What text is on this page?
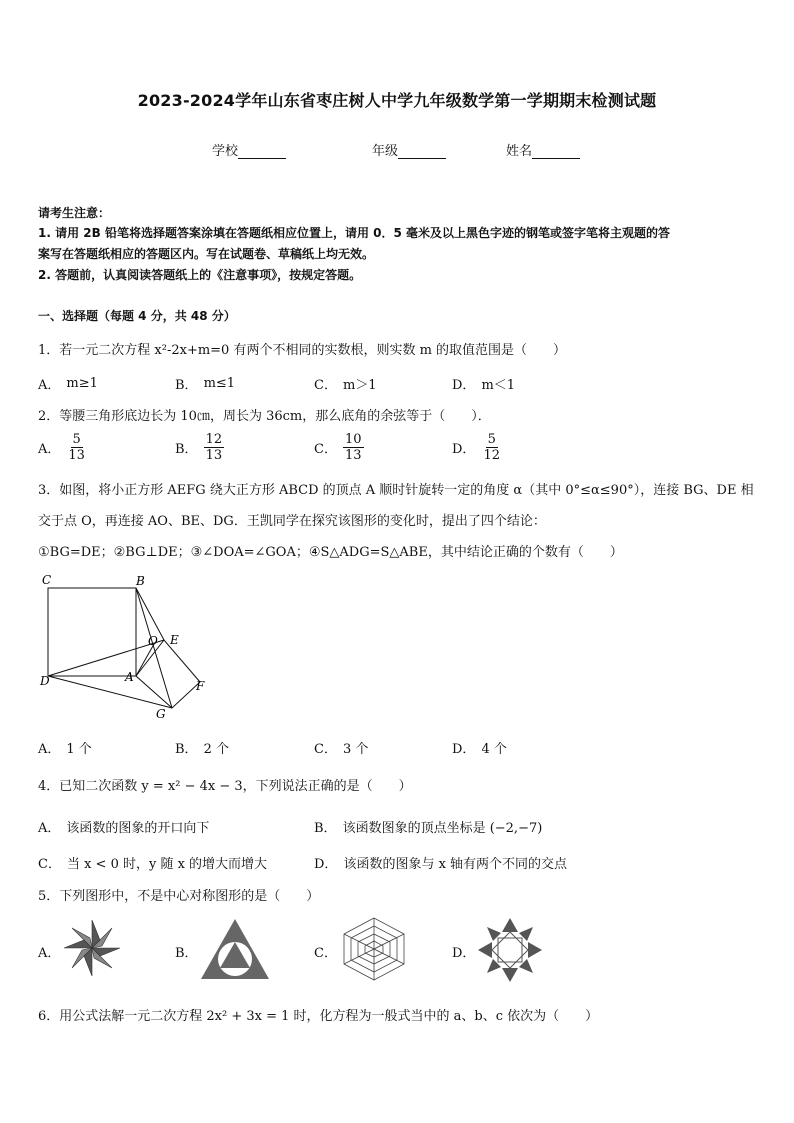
2023-2024学年山东省枣庄树人中学九年级数学第一学期期末检测试题
学校	年级	姓名
请考生注意：
1. 请用 2B 铅笔将选择题答案涂填在答题纸相应位置上，请用 0．5 毫米及以上黑色字迹的钢笔或签字笔将主观题的答
案写在答题纸相应的答题区内。写在试题卷、草稿纸上均无效。
2. 答题前，认真阅读答题纸上的《注意事项》，按规定答题。
一、选择题（每题 4 分，共 48 分）
1．若一元二次方程 x²-2x+m=0 有两个不相同的实数根，则实数 m 的取值范围是（　　）
A． m≥1	B． m≤1	C． m＞1	D． m＜1
2．等腰三角形底边长为 10㎝，周长为 36cm，那么底角的余弦等于（　　）．
A． $\frac{5}{13}$	B． $\frac{12}{13}$	C． $\frac{10}{13}$	D． $\frac{5}{12}$
3．如图，将小正方形 AEFG 绕大正方形 ABCD 的顶点 A 顺时针旋转一定的角度 α（其中 0°≤α≤90°），连接 BG、DE 相
交于点 O，再连接 AO、BE、DG．王凯同学在探究该图形的变化时，提出了四个结论：
①BG=DE；②BG⊥DE；③∠DOA=∠GOA；④S△ADG=S△ABE，其中结论正确的个数有（　　）
C	B
O E
D	A
F
G
A． 1 个	B． 2 个	C． 3 个	D． 4 个
4．已知二次函数 y = x² − 4x − 3，下列说法正确的是（　　）
A． 该函数的图象的开口向下	B． 该函数图象的顶点坐标是 (−2,−7)
C． 当 x < 0 时，y 随 x 的增大而增大	D． 该函数的图象与 x 轴有两个不同的交点
5．下列图形中，不是中心对称图形的是（　　）
A．	B．	C．	D．
6．用公式法解一元二次方程 2x² + 3x = 1 时，化方程为一般式当中的 a、b、c 依次为（　　）
